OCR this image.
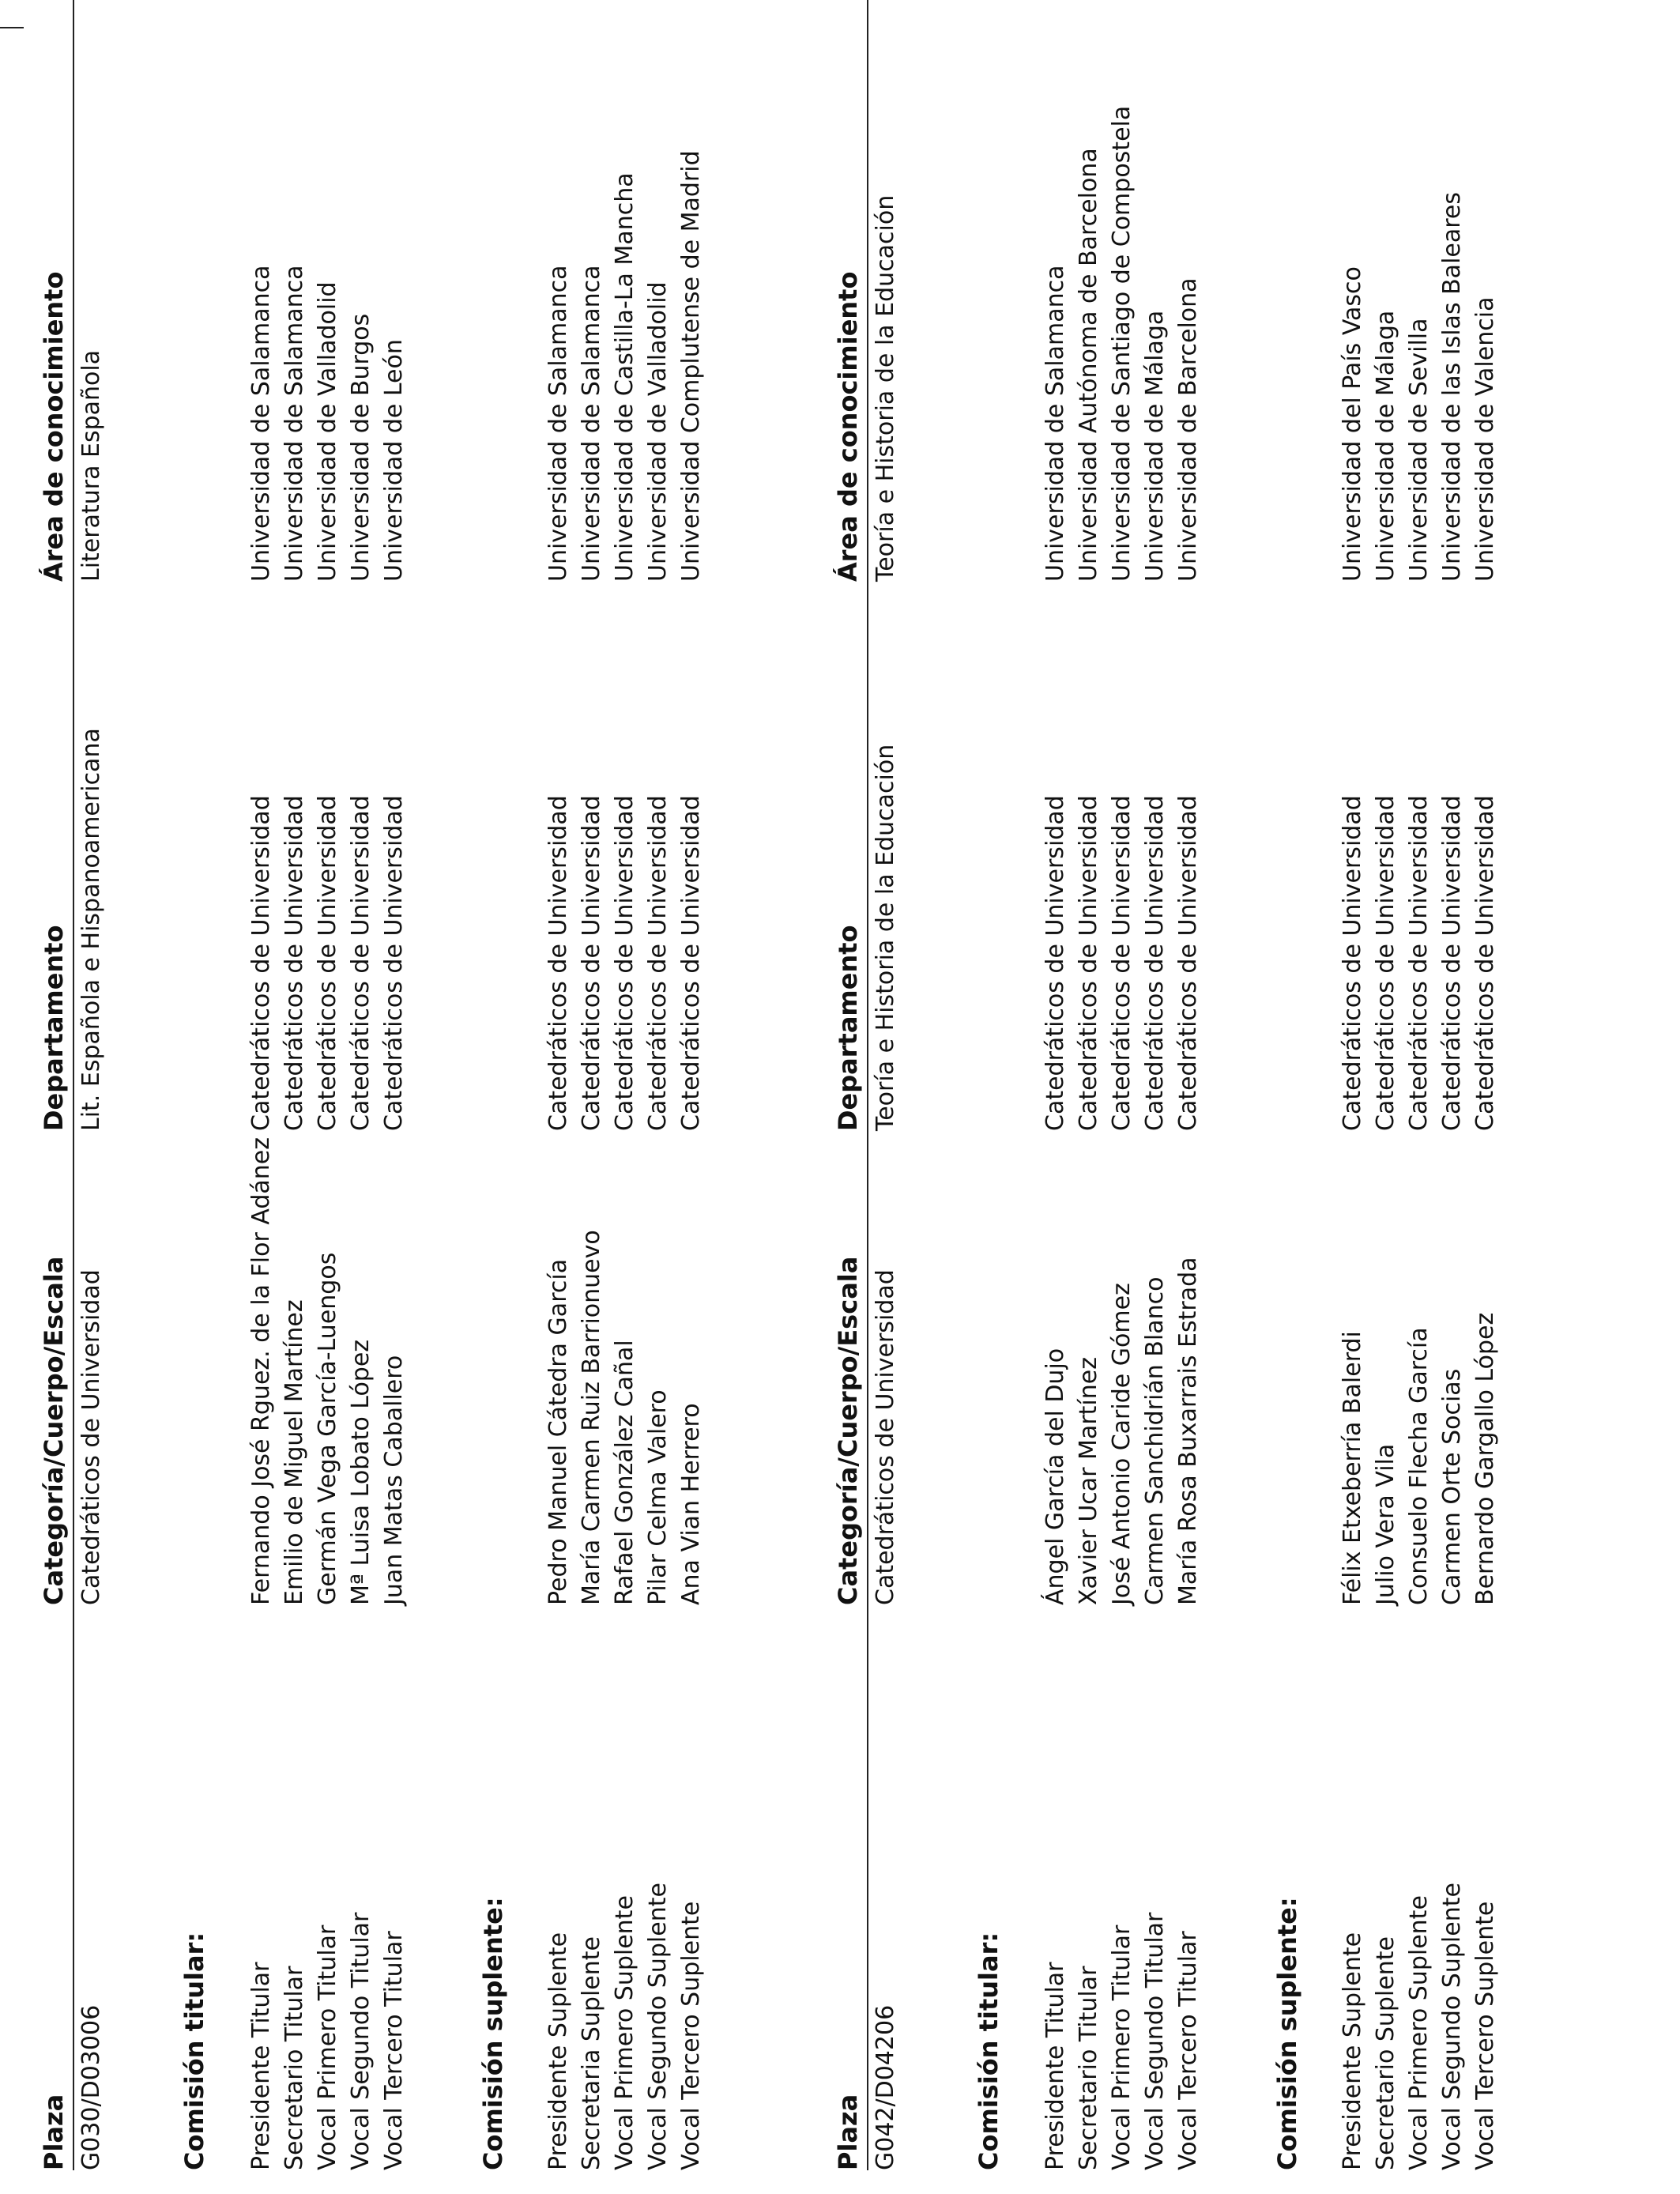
Plaza
Categoría/Cuerpo/Escala
Departamento
Área de conocimiento
G030/D03006
Catedráticos de Universidad
Lit. Española e Hispanoamericana
Literatura Española
Comisión titular: Presidente Titular Secretario Titular Vocal Primero Titular Vocal Segundo Titular Vocal Tercero Titular
Fernando José Rguez. de la Flor Adánez Emilio de Miguel Martínez Germán Vega García-Luengos Mª Luisa Lobato López Juan Matas Caballero
Catedráticos de Universidad Catedráticos de Universidad Catedráticos de Universidad Catedráticos de Universidad Catedráticos de Universidad
Universidad de Salamanca Universidad de Salamanca Universidad de Valladolid Universidad de Burgos Universidad de León
Comisión suplente: Presidente Suplente Secretaria Suplente Vocal Primero Suplente Vocal Segundo Suplente Vocal Tercero Suplente
Pedro Manuel Cátedra García María Carmen Ruiz Barrionuevo Rafael González Cañal Pilar Celma Valero Ana Vian Herrero
Catedráticos de Universidad Catedráticos de Universidad Catedráticos de Universidad Catedráticos de Universidad Catedráticos de Universidad
Universidad de Salamanca Universidad de Salamanca Universidad de Castilla-La Mancha Universidad de Valladolid Universidad Complutense de Madrid
Plaza
Categoría/Cuerpo/Escala
Departamento
Área de conocimiento
G042/D04206
Catedráticos de Universidad
Teoría e Historia de la Educación
Teoría e Historia de la Educación
Comisión titular: Presidente Titular Secretario Titular Vocal Primero Titular Vocal Segundo Titular Vocal Tercero Titular
Ángel García del Dujo Xavier Ucar Martínez José Antonio Caride Gómez Carmen Sanchidrián Blanco María Rosa Buxarrais Estrada
Catedráticos de Universidad Catedráticos de Universidad Catedráticos de Universidad Catedráticos de Universidad Catedráticos de Universidad
Universidad de Salamanca Universidad Autónoma de Barcelona Universidad de Santiago de Compostela Universidad de Málaga Universidad de Barcelona
Comisión suplente: Presidente Suplente Secretario Suplente Vocal Primero Suplente Vocal Segundo Suplente Vocal Tercero Suplente
Félix Etxeberría Balerdi Julio Vera Vila Consuelo Flecha García Carmen Orte Socias Bernardo Gargallo López
Catedráticos de Universidad Catedráticos de Universidad Catedráticos de Universidad Catedráticos de Universidad Catedráticos de Universidad
Universidad del País Vasco Universidad de Málaga Universidad de Sevilla Universidad de las Islas Baleares Universidad de Valencia
